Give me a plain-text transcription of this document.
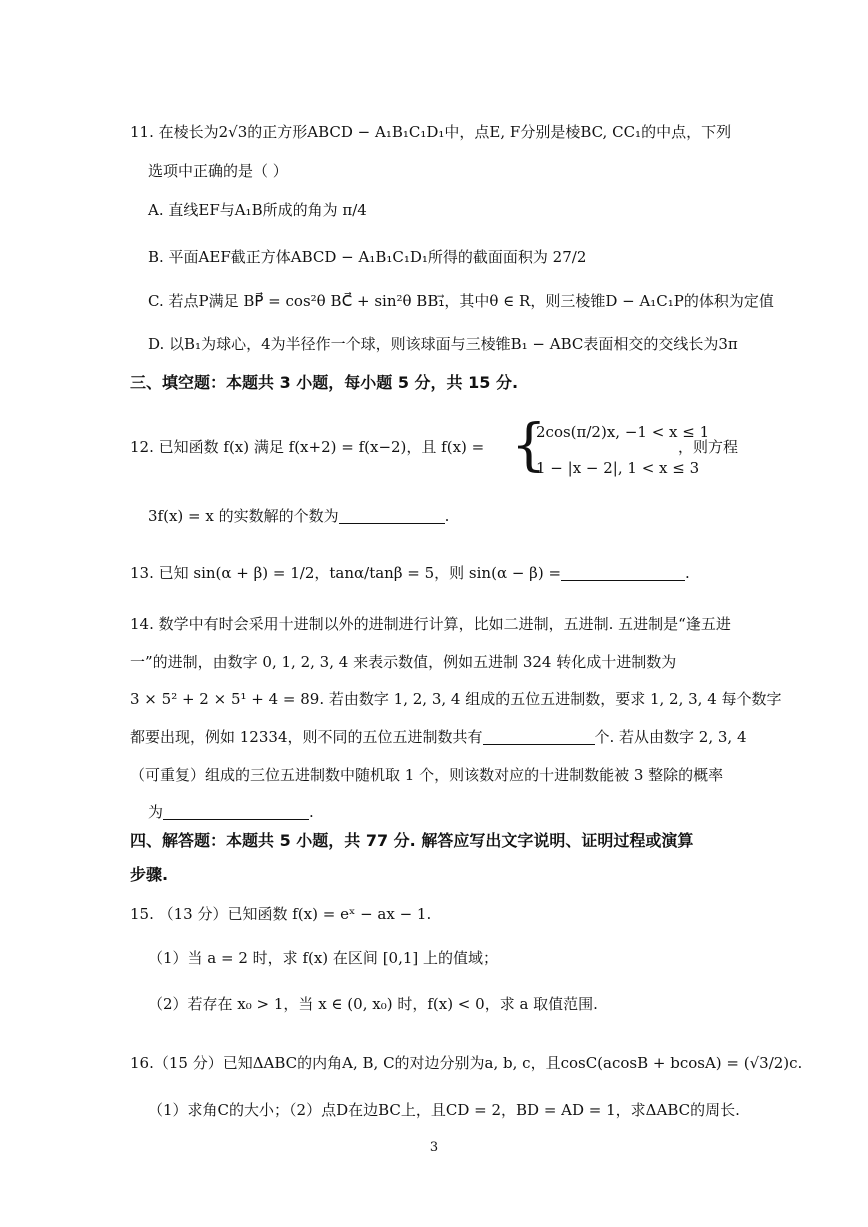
11. 在棱长为2√3的正方形ABCD − A₁B₁C₁D₁中，点E, F分别是棱BC, CC₁的中点，下列
选项中正确的是（ ）
A. 直线EF与A₁B所成的角为 π/4
B. 平面AEF截正方体ABCD − A₁B₁C₁D₁所得的截面面积为 27/2
C. 若点P满足 BP⃗ = cos²θ BC⃗ + sin²θ BB₁⃗，其中θ ∈ R，则三棱锥D − A₁C₁P的体积为定值
D. 以B₁为球心，4为半径作一个球，则该球面与三棱锥B₁ − ABC表面相交的交线长为3π
三、填空题：本题共 3 小题，每小题 5 分，共 15 分.
12. 已知函数 f(x) 满足 f(x+2) = f(x−2)，且 f(x) = {
2cos(π/2)x, −1 < x ≤ 1
1 − |x − 2|, 1 < x ≤ 3
，则方程
3f(x) = x 的实数解的个数为	.
13. 已知 sin(α + β) = 1/2，tanα/tanβ = 5，则 sin(α − β) =	.
14. 数学中有时会采用十进制以外的进制进行计算，比如二进制，五进制. 五进制是“逢五进
一”的进制，由数字 0, 1, 2, 3, 4 来表示数值，例如五进制 324 转化成十进制数为
3 × 5² + 2 × 5¹ + 4 = 89. 若由数字 1, 2, 3, 4 组成的五位五进制数，要求 1, 2, 3, 4 每个数字
都要出现，例如 12334，则不同的五位五进制数共有	个. 若从由数字 2, 3, 4
（可重复）组成的三位五进制数中随机取 1 个，则该数对应的十进制数能被 3 整除的概率
为	.
四、解答题：本题共 5 小题，共 77 分. 解答应写出文字说明、证明过程或演算
步骤.
15. （13 分）已知函数 f(x) = eˣ − ax − 1.
（1）当 a = 2 时，求 f(x) 在区间 [0,1] 上的值域；
（2）若存在 x₀ > 1，当 x ∈ (0, x₀) 时，f(x) < 0，求 a 取值范围.
16.（15 分）已知ΔABC的内角A, B, C的对边分别为a, b, c，且cosC(acosB + bcosA) = (√3/2)c.
（1）求角C的大小；（2）点D在边BC上，且CD = 2，BD = AD = 1，求ΔABC的周长.
3
